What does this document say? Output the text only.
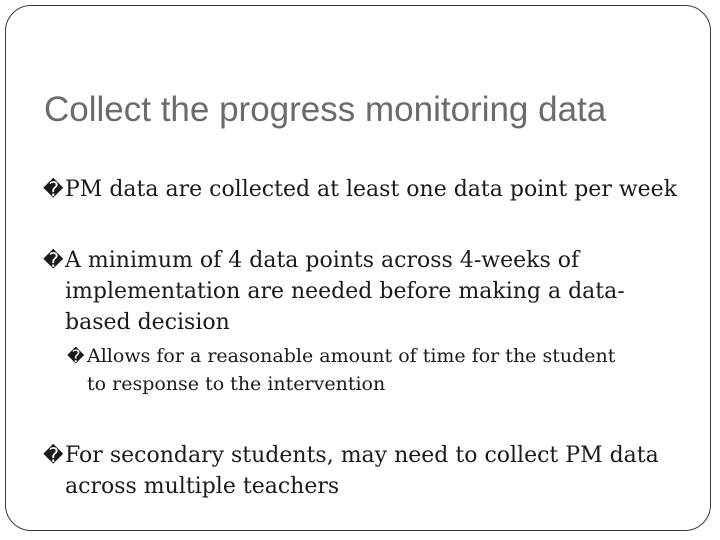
Collect the progress monitoring data
�PM data are collected at least one data point per week
�A minimum of 4 data points across 4-weeks of
implementation are needed before making a data-
based decision
� Allows for a reasonable amount of time for the student
to response to the intervention
�For secondary students, may need to collect PM data
across multiple teachers
